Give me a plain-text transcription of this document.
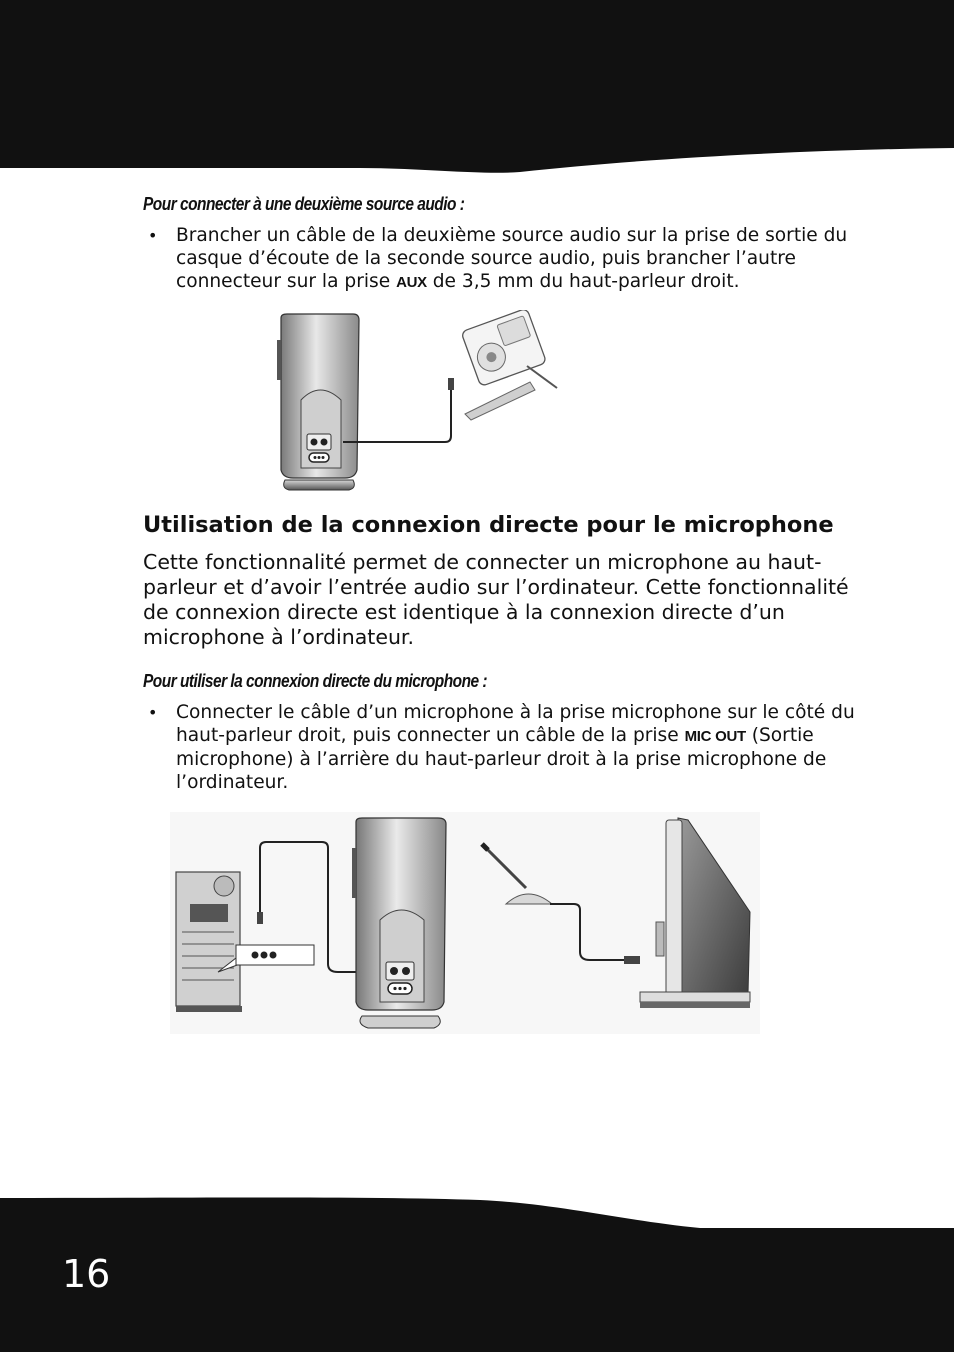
Pour connecter à une deuxième source audio :
• Brancher un câble de la deuxième source audio sur la prise de sortie du casque d’écoute de la seconde source audio, puis brancher l’autre connecteur sur la prise AUX de 3,5 mm du haut-parleur droit.
Utilisation de la connexion directe pour le microphone
Cette fonctionnalité permet de connecter un microphone au haut-parleur et d’avoir l’entrée audio sur l’ordinateur. Cette fonctionnalité de connexion directe est identique à la connexion directe d’un microphone à l’ordinateur.
Pour utiliser la connexion directe du microphone :
• Connecter le câble d’un microphone à la prise microphone sur le côté du haut-parleur droit, puis connecter un câble de la prise MIC OUT (Sortie microphone) à l’arrière du haut-parleur droit à la prise microphone de l’ordinateur.
16
